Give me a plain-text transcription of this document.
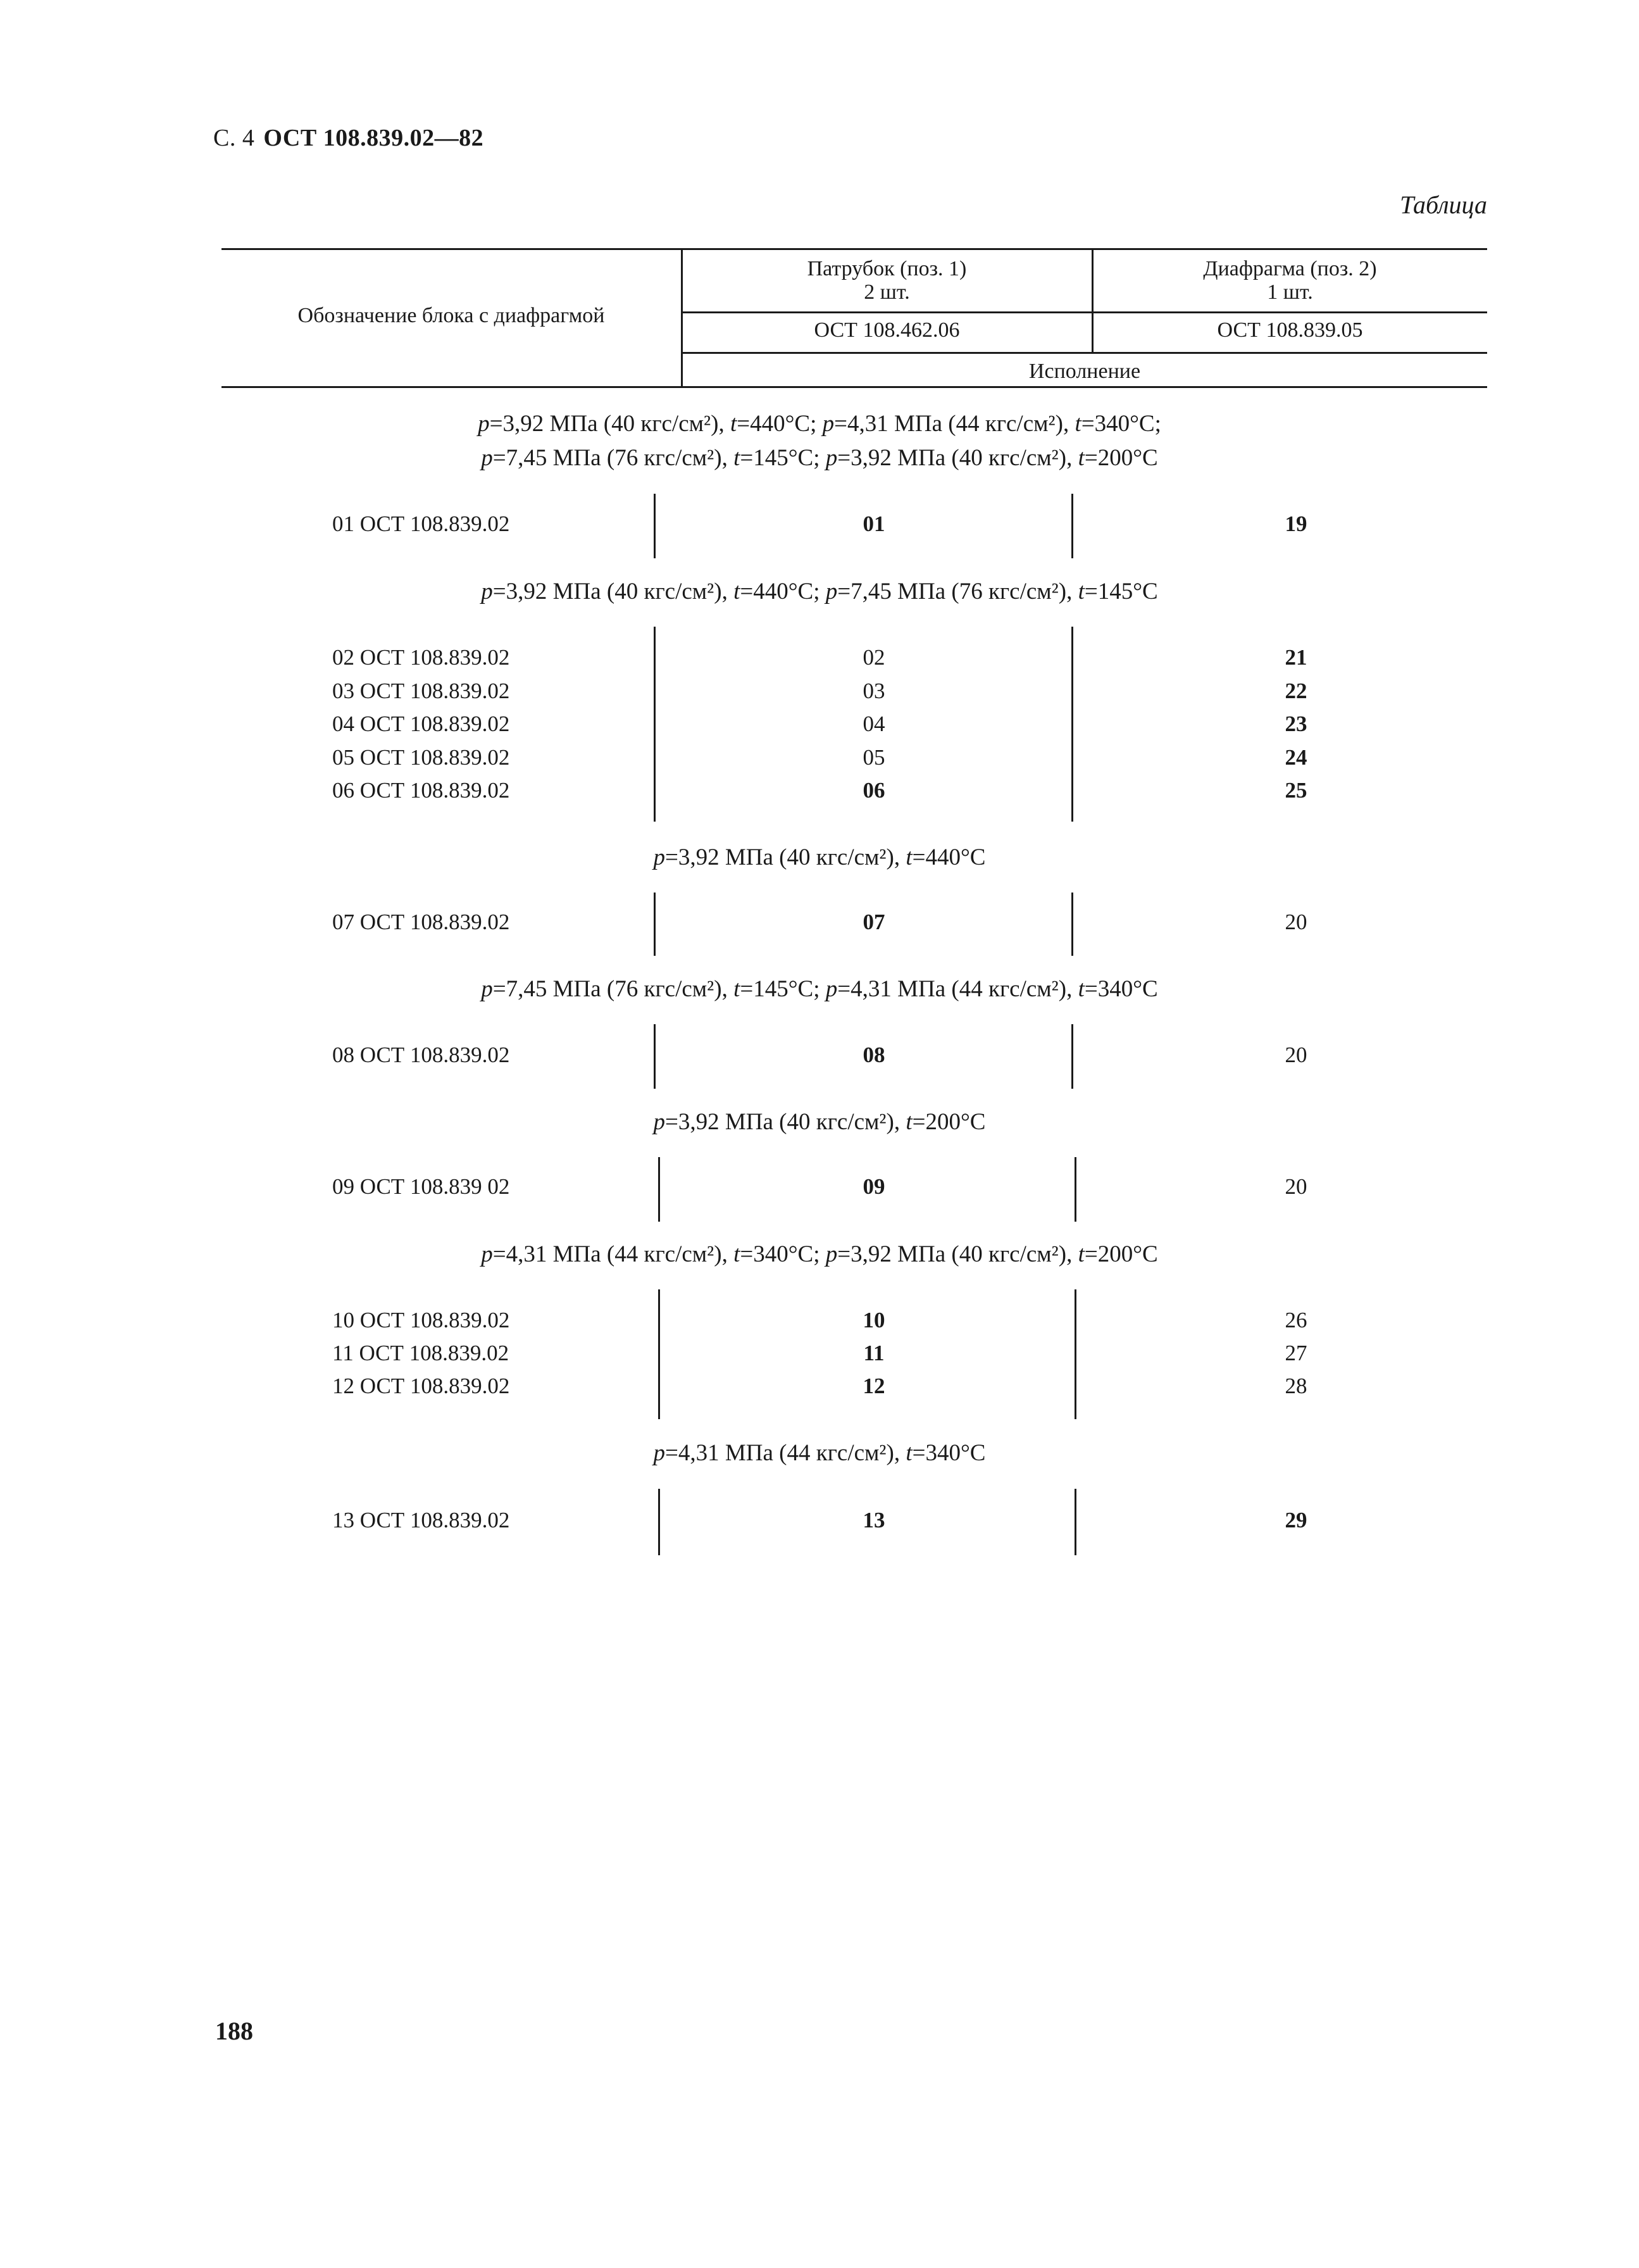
С. 4 ОСТ 108.839.02—82
Таблица
Обозначение блока с диафрагмой
Патрубок (поз. 1)
2 шт.
Диафрагма (поз. 2)
1 шт.
ОСТ 108.462.06	ОСТ 108.839.05
Исполнение
p=3,92 МПа (40 кгс/см²), t=440°С; p=4,31 МПа (44 кгс/см²), t=340°С;
p=7,45 МПа (76 кгс/см²), t=145°С; p=3,92 МПа (40 кгс/см²), t=200°С
01 ОСТ 108.839.02	01	19
p=3,92 МПа (40 кгс/см²), t=440°С; p=7,45 МПа (76 кгс/см²), t=145°С
02 ОСТ 108.839.02	02	21
03 ОСТ 108.839.02	03	22
04 ОСТ 108.839.02	04	23
05 ОСТ 108.839.02	05	24
06 ОСТ 108.839.02	06	25
p=3,92 МПа (40 кгс/см²), t=440°С
07 ОСТ 108.839.02	07	20
p=7,45 МПа (76 кгс/см²), t=145°С; p=4,31 МПа (44 кгс/см²), t=340°С
08 ОСТ 108.839.02	08	20
p=3,92 МПа (40 кгс/см²), t=200°С
09 ОСТ 108.839 02	09	20
p=4,31 МПа (44 кгс/см²), t=340°С; p=3,92 МПа (40 кгс/см²), t=200°С
10 ОСТ 108.839.02	10	26
11 ОСТ 108.839.02	11	27
12 ОСТ 108.839.02	12	28
p=4,31 МПа (44 кгс/см²), t=340°С
13 ОСТ 108.839.02	13	29
188
